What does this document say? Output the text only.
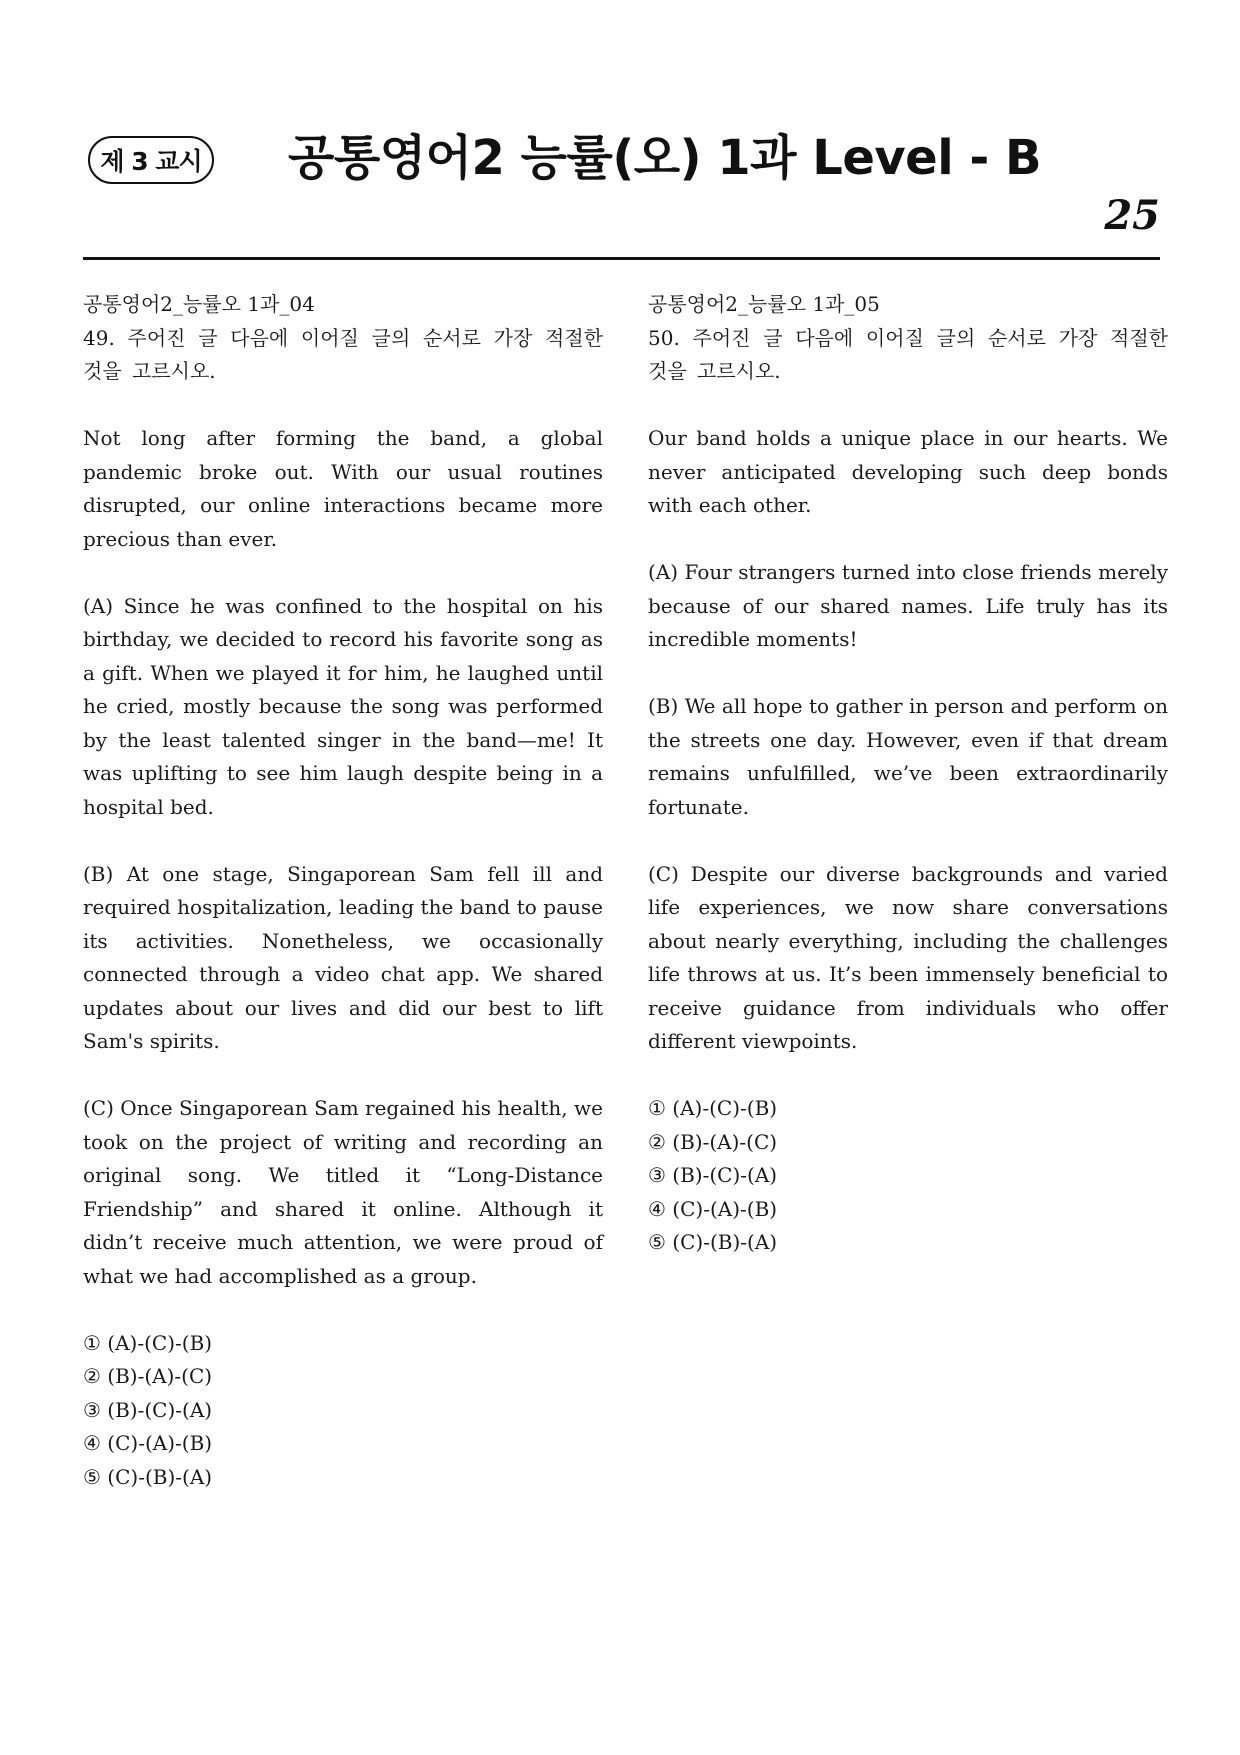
제 3 교시 공통영어2 능률(오) 1과 Level - B
25

공통영어2_능률오 1과_04

49. 주어진 글 다음에 이어질 글의 순서로 가장 적절한 것을 고르시오.

Not long after forming the band, a global pandemic broke out. With our usual routines disrupted, our online interactions became more precious than ever.

(A) Since he was confined to the hospital on his birthday, we decided to record his favorite song as a gift. When we played it for him, he laughed until he cried, mostly because the song was performed by the least talented singer in the band—me! It was uplifting to see him laugh despite being in a hospital bed.

(B) At one stage, Singaporean Sam fell ill and required hospitalization, leading the band to pause its activities. Nonetheless, we occasionally connected through a video chat app. We shared updates about our lives and did our best to lift Sam's spirits.

(C) Once Singaporean Sam regained his health, we took on the project of writing and recording an original song. We titled it “Long-Distance Friendship” and shared it online. Although it didn’t receive much attention, we were proud of what we had accomplished as a group.

① (A)-(C)-(B)
② (B)-(A)-(C)
③ (B)-(C)-(A)
④ (C)-(A)-(B)
⑤ (C)-(B)-(A)

공통영어2_능률오 1과_05

50. 주어진 글 다음에 이어질 글의 순서로 가장 적절한 것을 고르시오.

Our band holds a unique place in our hearts. We never anticipated developing such deep bonds with each other.

(A) Four strangers turned into close friends merely because of our shared names. Life truly has its incredible moments!

(B) We all hope to gather in person and perform on the streets one day. However, even if that dream remains unfulfilled, we’ve been extraordinarily fortunate.

(C) Despite our diverse backgrounds and varied life experiences, we now share conversations about nearly everything, including the challenges life throws at us. It’s been immensely beneficial to receive guidance from individuals who offer different viewpoints.

① (A)-(C)-(B)
② (B)-(A)-(C)
③ (B)-(C)-(A)
④ (C)-(A)-(B)
⑤ (C)-(B)-(A)
